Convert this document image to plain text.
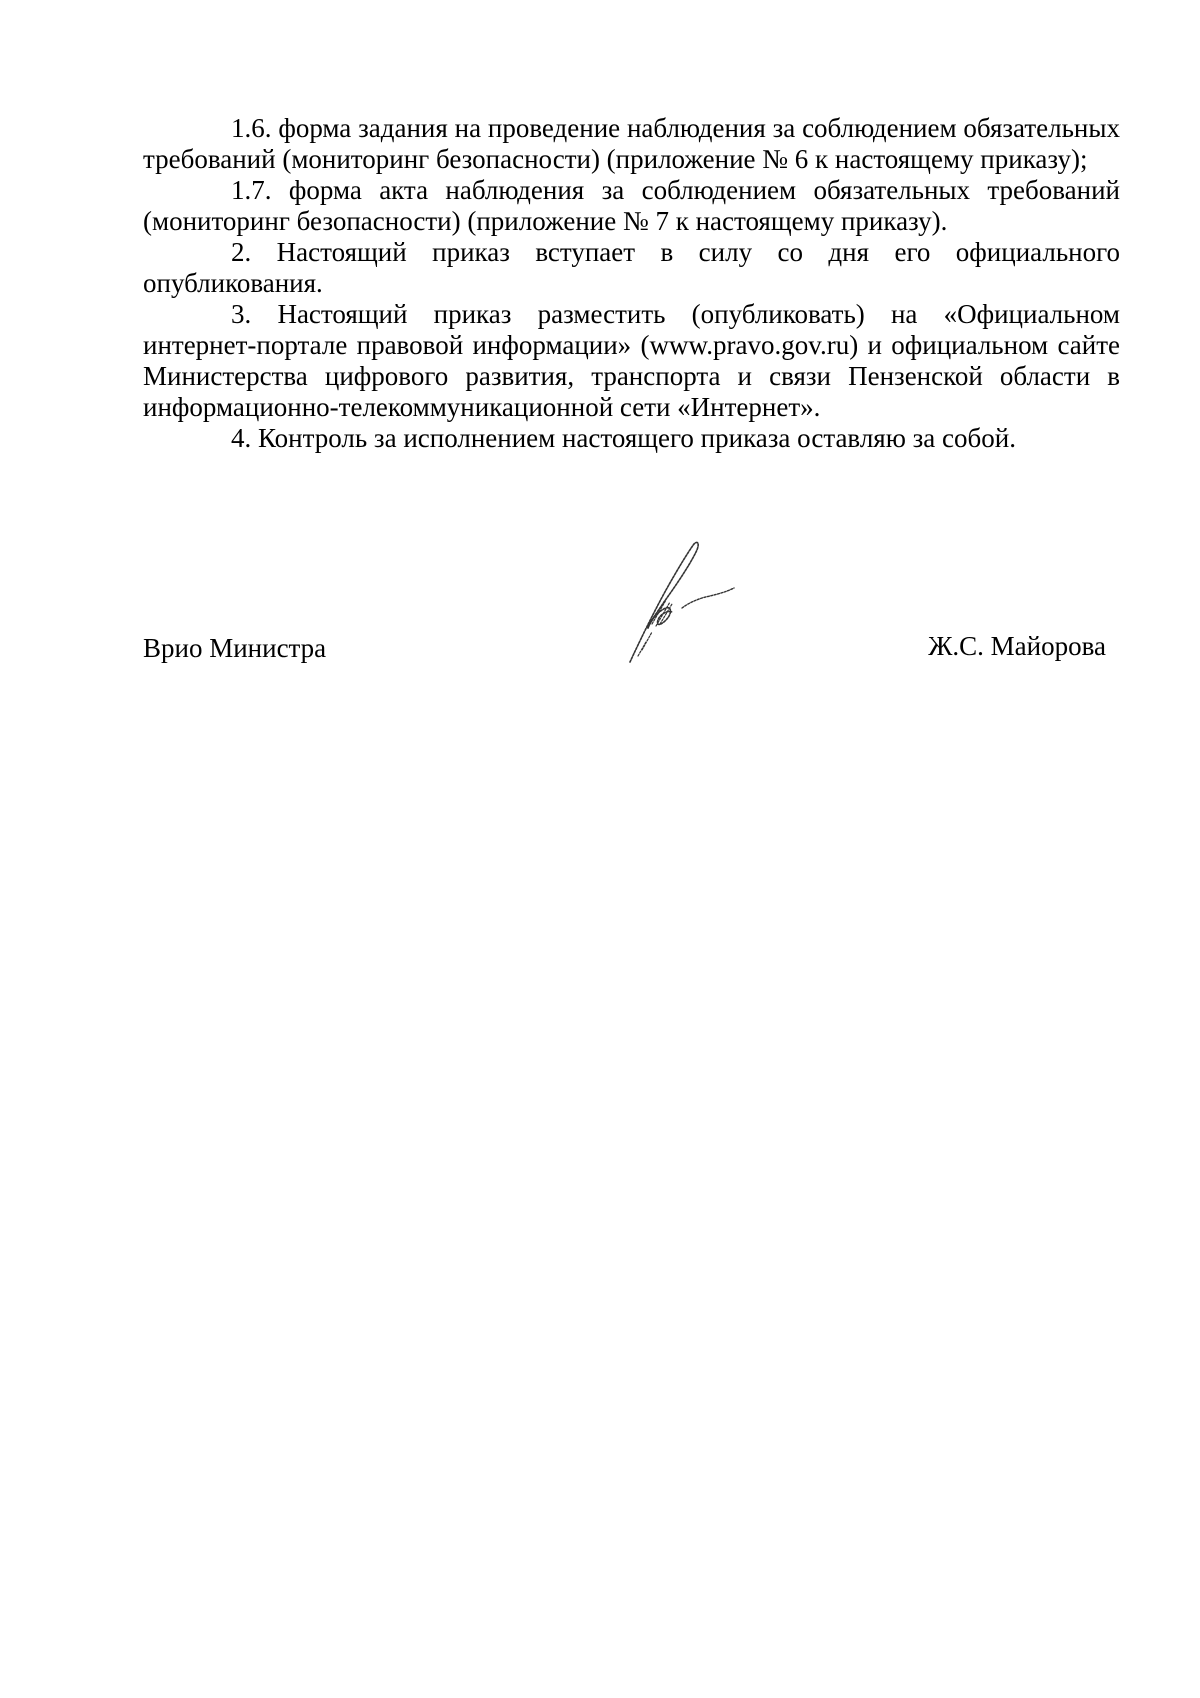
1.6. форма задания на проведение наблюдения за соблюдением обязательных требований (мониторинг безопасности) (приложение № 6 к настоящему приказу);

1.7. форма акта наблюдения за соблюдением обязательных требований (мониторинг безопасности) (приложение № 7 к настоящему приказу).

2. Настоящий приказ вступает в силу со дня его официального опубликования.

3. Настоящий приказ разместить (опубликовать) на «Официальном интернет-портале правовой информации» (www.pravo.gov.ru) и официальном сайте Министерства цифрового развития, транспорта и связи Пензенской области в информационно-телекоммуникационной сети «Интернет».

4. Контроль за исполнением настоящего приказа оставляю за собой.

Врио Министра	Ж.С. Майорова
